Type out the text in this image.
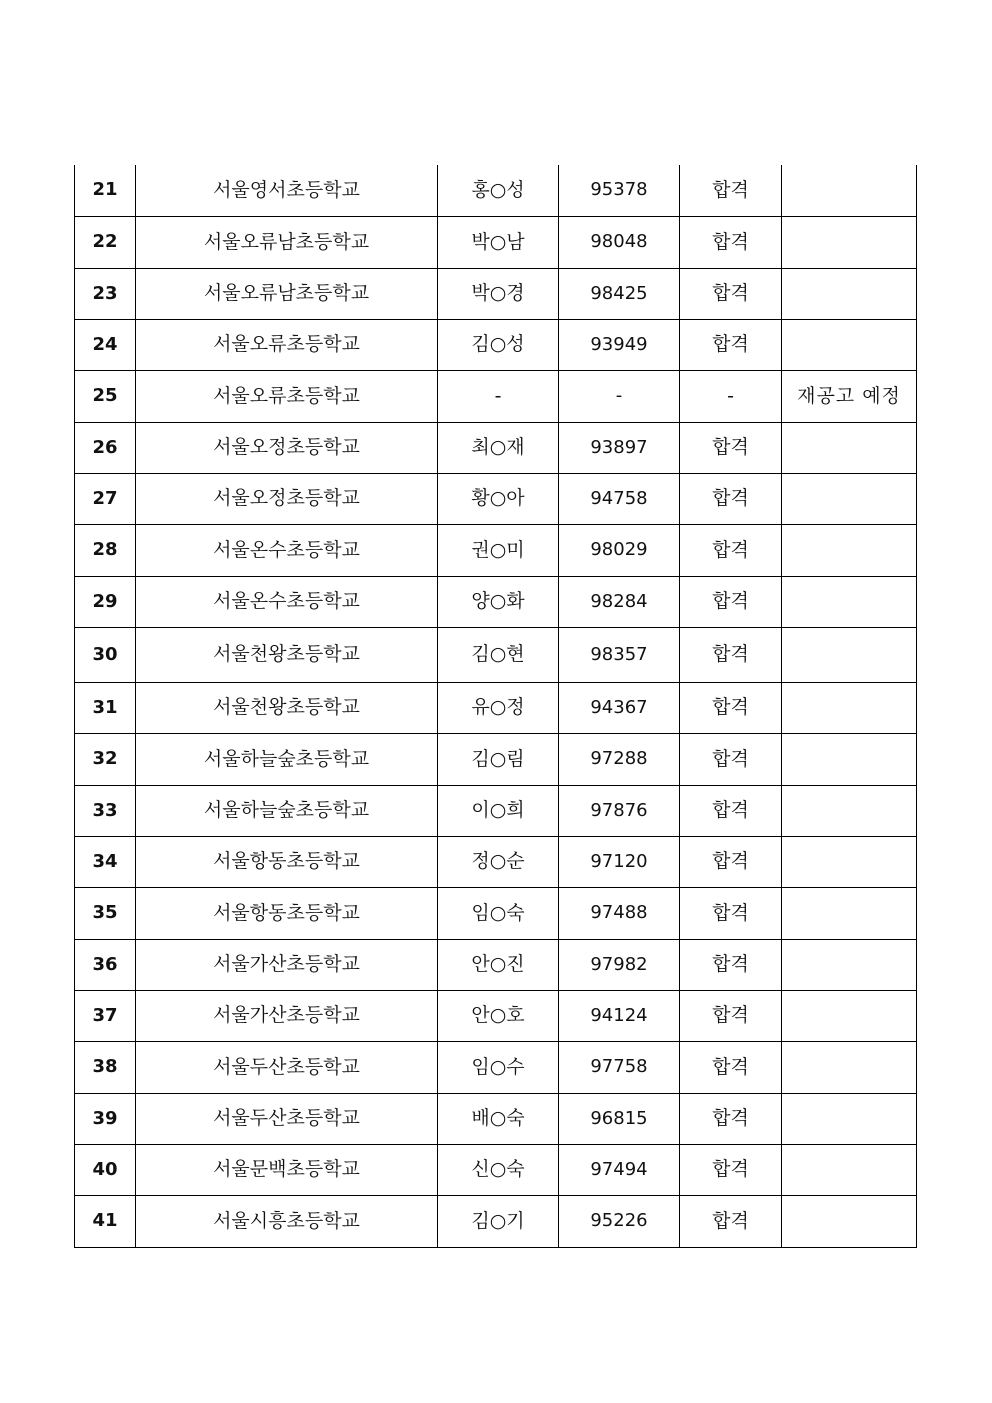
21	서울영서초등학교	홍○성	95378	합격	
22	서울오류남초등학교	박○남	98048	합격	
23	서울오류남초등학교	박○경	98425	합격	
24	서울오류초등학교	김○성	93949	합격	
25	서울오류초등학교	-	-	-	재공고 예정
26	서울오정초등학교	최○재	93897	합격	
27	서울오정초등학교	황○아	94758	합격	
28	서울온수초등학교	권○미	98029	합격	
29	서울온수초등학교	양○화	98284	합격	
30	서울천왕초등학교	김○현	98357	합격	
31	서울천왕초등학교	유○정	94367	합격	
32	서울하늘숲초등학교	김○림	97288	합격	
33	서울하늘숲초등학교	이○희	97876	합격	
34	서울항동초등학교	정○순	97120	합격	
35	서울항동초등학교	임○숙	97488	합격	
36	서울가산초등학교	안○진	97982	합격	
37	서울가산초등학교	안○호	94124	합격	
38	서울두산초등학교	임○수	97758	합격	
39	서울두산초등학교	배○숙	96815	합격	
40	서울문백초등학교	신○숙	97494	합격	
41	서울시흥초등학교	김○기	95226	합격	
